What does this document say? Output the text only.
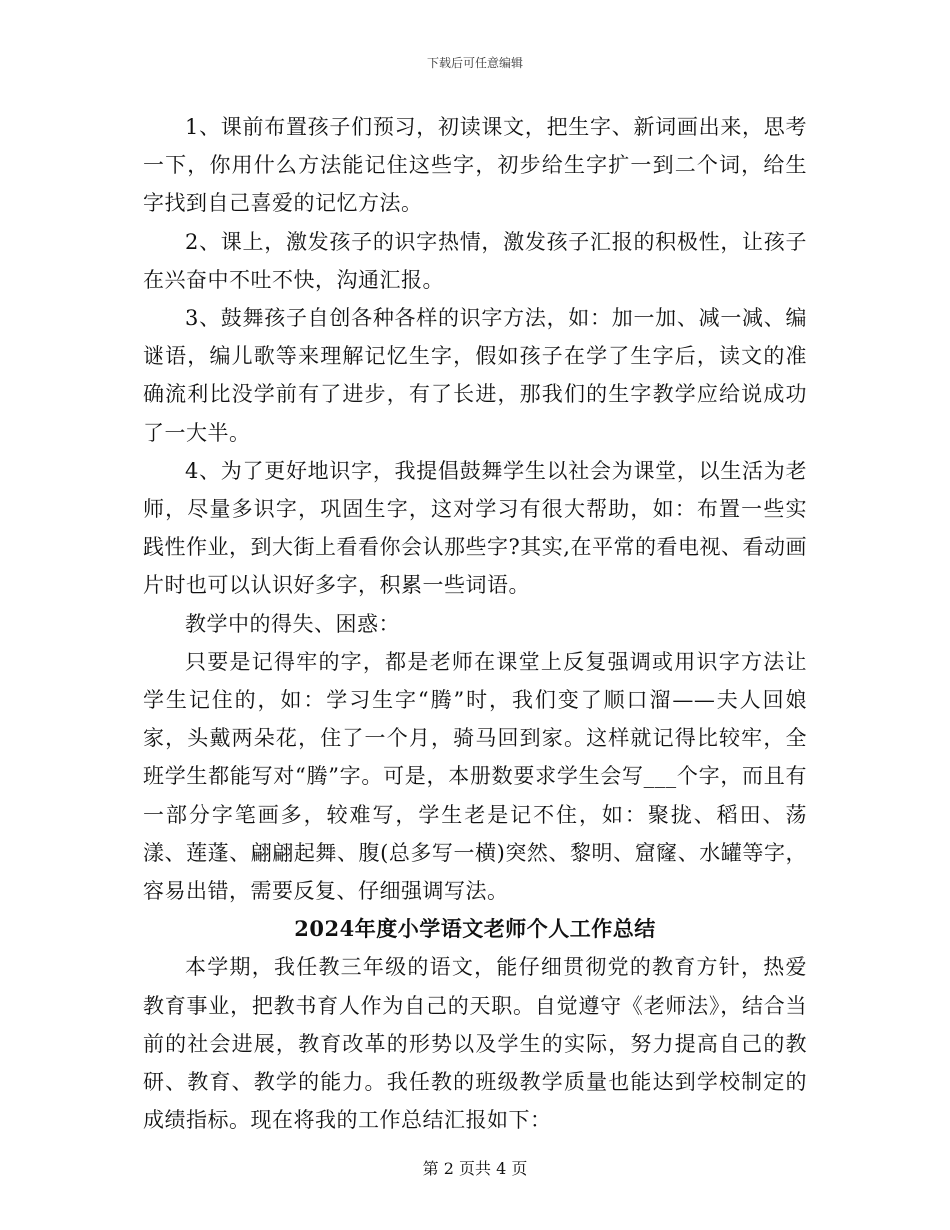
下载后可任意编辑

1、课前布置孩子们预习，初读课文，把生字、新词画出来，思考一下，你用什么方法能记住这些字，初步给生字扩一到二个词，给生字找到自己喜爱的记忆方法。

2、课上，激发孩子的识字热情，激发孩子汇报的积极性，让孩子在兴奋中不吐不快，沟通汇报。

3、鼓舞孩子自创各种各样的识字方法，如：加一加、减一减、编谜语，编儿歌等来理解记忆生字，假如孩子在学了生字后，读文的准确流利比没学前有了进步，有了长进，那我们的生字教学应给说成功了一大半。

4、为了更好地识字，我提倡鼓舞学生以社会为课堂，以生活为老师，尽量多识字，巩固生字，这对学习有很大帮助，如：布置一些实践性作业，到大街上看看你会认那些字?其实,在平常的看电视、看动画片时也可以认识好多字，积累一些词语。

教学中的得失、困惑：

只要是记得牢的字，都是老师在课堂上反复强调或用识字方法让学生记住的，如：学习生字“腾”时，我们变了顺口溜——夫人回娘家，头戴两朵花，住了一个月，骑马回到家。这样就记得比较牢，全班学生都能写对“腾”字。可是，本册数要求学生会写___个字，而且有一部分字笔画多，较难写，学生老是记不住，如：聚拢、稻田、荡漾、莲蓬、翩翩起舞、腹(总多写一横)突然、黎明、窟窿、水罐等字，容易出错，需要反复、仔细强调写法。

2024年度小学语文老师个人工作总结

本学期，我任教三年级的语文，能仔细贯彻党的教育方针，热爱教育事业，把教书育人作为自己的天职。自觉遵守《老师法》，结合当前的社会进展，教育改革的形势以及学生的实际，努力提高自己的教研、教育、教学的能力。我任教的班级教学质量也能达到学校制定的成绩指标。现在将我的工作总结汇报如下：

第 2 页共 4 页
